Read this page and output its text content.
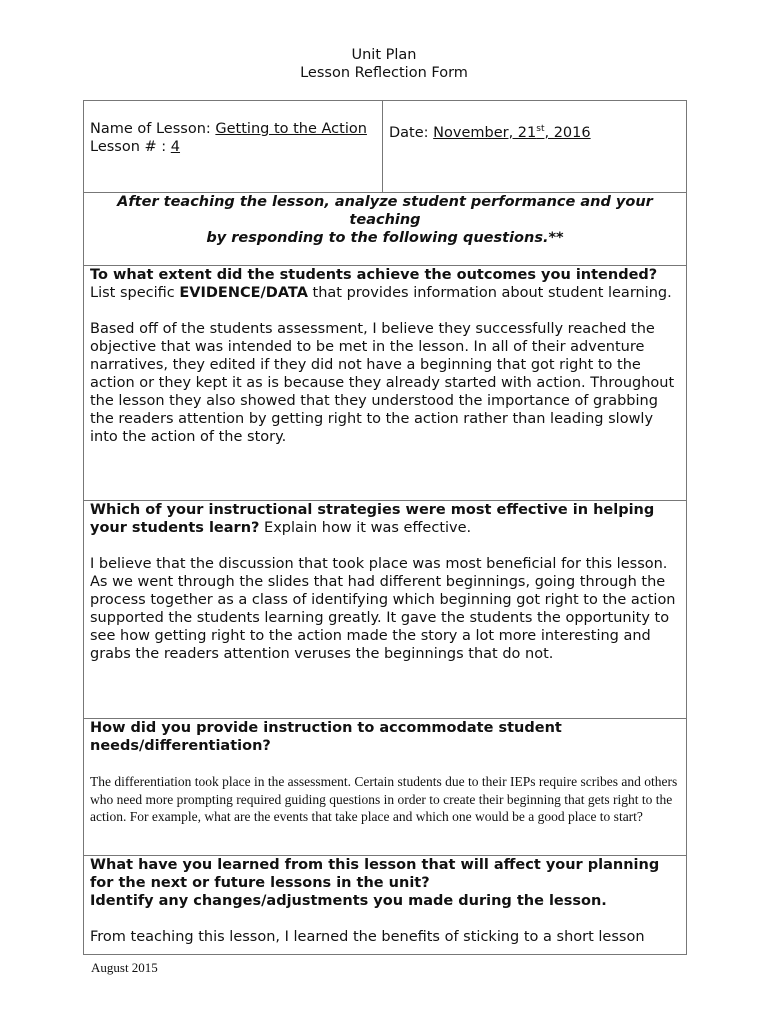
Unit Plan
Lesson Reflection Form
Name of Lesson: Getting to the Action
Lesson # : 4

Date: November, 21st, 2016

After teaching the lesson, analyze student performance and your teaching
by responding to the following questions.**

To what extent did the students achieve the outcomes you intended?

List specific EVIDENCE/DATA that provides information about student learning.

Based off of the students assessment, I believe they successfully reached the objective that was intended to be met in the lesson. In all of their adventure narratives, they edited if they did not have a beginning that got right to the action or they kept it as is because they already started with action. Throughout the lesson they also showed that they understood the importance of grabbing the readers attention by getting right to the action rather than leading slowly into the action of the story.

Which of your instructional strategies were most effective in helping your students learn? Explain how it was effective.

I believe that the discussion that took place was most beneficial for this lesson. As we went through the slides that had different beginnings, going through the process together as a class of identifying which beginning got right to the action supported the students learning greatly. It gave the students the opportunity to see how getting right to the action made the story a lot more interesting and grabs the readers attention veruses the beginnings that do not.

How did you provide instruction to accommodate student needs/differentiation?

The differentiation took place in the assessment. Certain students due to their IEPs require scribes and others who need more prompting required guiding questions in order to create their beginning that gets right to the action. For example, what are the events that take place and which one would be a good place to start?

What have you learned from this lesson that will affect your planning for the next or future lessons in the unit?

Identify any changes/adjustments you made during the lesson.

From teaching this lesson, I learned the benefits of sticking to a short lesson

August 2015
